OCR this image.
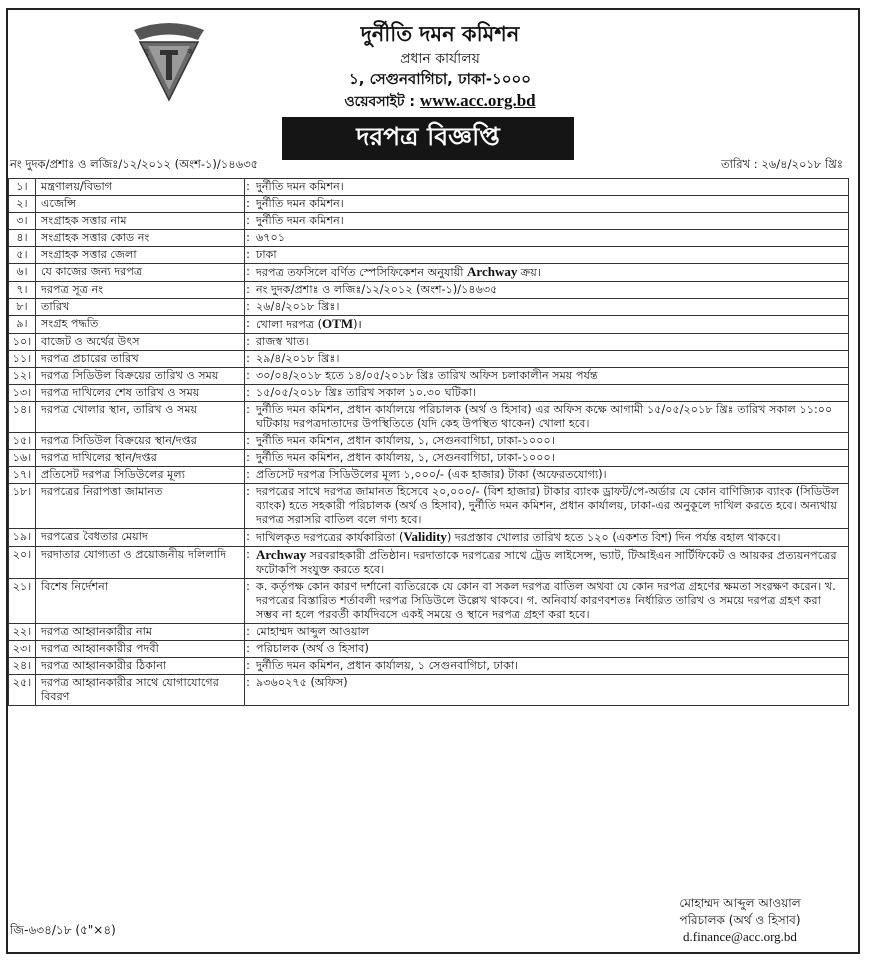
দু	ক
দুর্নীতি দমন কমিশন
প্রধান কার্যালয়
১, সেগুনবাগিচা, ঢাকা-১০০০
ওয়েবসাইট : www.acc.org.bd
দরপত্র বিজ্ঞপ্তি
নং দুদক/প্রশাঃ ও লজিঃ/১২/২০১২ (অংশ-১)/১৪৬৩৫	তারিখ : ২৬/৪/২০১৮ খ্রিঃ
১।	মন্ত্রণালয়/বিভাগ	:	দুর্নীতি দমন কমিশন।
২।	এজেন্সি	:	দুর্নীতি দমন কমিশন।
৩।	সংগ্রাহক সত্তার নাম	:	দুর্নীতি দমন কমিশন।
৪।	সংগ্রাহক সত্তার কোড নং	:	৬৭০১
৫।	সংগ্রাহক সত্তার জেলা	:	ঢাকা
৬।	যে কাজের জন্য দরপত্র	:	দরপত্র তফসিলে বর্ণিত স্পেসিফিকেশন অনুযায়ী Archway ক্রয়।
৭।	দরপত্র সূত্র নং	:	নং দুদক/প্রশাঃ ও লজিঃ/১২/২০১২ (অংশ-১)/১৪৬৩৫
৮।	তারিখ	:	২৬/৪/২০১৮ খ্রিঃ।
৯।	সংগ্রহ পদ্ধতি	:	খোলা দরপত্র (OTM)।
১০।	বাজেট ও অর্থের উৎস	:	রাজস্ব খাত।
১১।	দরপত্র প্রচারের তারিখ	:	২৯/৪/২০১৮ খ্রিঃ।
১২।	দরপত্র সিডিউল বিক্রয়ের তারিখ ও সময়	:	৩০/০৪/২০১৮ হতে ১৪/০৫/২০১৮ খ্রিঃ তারিখ অফিস চলাকালীন সময় পর্যন্ত
১৩।	দরপত্র দাখিলের শেষ তারিখ ও সময়	:	১৫/০৫/২০১৮ খ্রিঃ তারিখ সকাল ১০.৩০ ঘটিকা।
১৪।	দরপত্র খোলার স্থান, তারিখ ও সময়	:	দুর্নীতি দমন কমিশন, প্রধান কার্যালয়ে পরিচালক (অর্থ ও হিসাব) এর অফিস কক্ষে আগামী ১৫/০৫/২০১৮ খ্রিঃ তারিখ সকাল ১১:০০ ঘটিকায় দরপত্রদাতাদের উপস্থিতিতে (যদি কেহ উপস্থিত থাকেন) খোলা হবে।
১৫।	দরপত্র সিডিউল বিক্রয়ের স্থান/দপ্তর	:	দুর্নীতি দমন কমিশন, প্রধান কার্যালয়, ১, সেগুনবাগিচা, ঢাকা-১০০০।
১৬।	দরপত্র দাখিলের স্থান/দপ্তর	:	দুর্নীতি দমন কমিশন, প্রধান কার্যালয়, ১, সেগুনবাগিচা, ঢাকা-১০০০।
১৭।	প্রতিসেট দরপত্র সিডিউলের মূল্য	:	প্রতিসেট দরপত্র সিডিউলের মূল্য ১,০০০/- (এক হাজার) টাকা (অফেরতযোগ্য)।
১৮।	দরপত্রের নিরাপত্তা জামানত	:	দরপত্রের সাথে দরপত্র জামানত হিসেবে ২০,০০০/- (বিশ হাজার) টাকার ব্যাংক ড্রাফট/পে-অর্ডার যে কোন বাণিজ্যিক ব্যাংক (সিডিউল ব্যাংক) হতে সহকারী পরিচালক (অর্থ ও হিসাব), দুর্নীতি দমন কমিশন, প্রধান কার্যালয়, ঢাকা-এর অনুকূলে দাখিল করতে হবে। অন্যথায় দরপত্র সরাসরি বাতিল বলে গণ্য হবে।
১৯।	দরপত্রের বৈধতার মেয়াদ	:	দাখিলকৃত দরপত্রের কার্যকারিতা (Validity) দরপ্রস্তাব খোলার তারিখ হতে ১২০ (একশত বিশ) দিন পর্যন্ত বহাল থাকবে।
২০।	দরদাতার যোগ্যতা ও প্রয়োজনীয় দলিলাদি	:	Archway সরবরাহকারী প্রতিষ্ঠান। দরদাতাকে দরপত্রের সাথে ট্রেড লাইসেন্স, ভ্যাট, টিআইএন সার্টিফিকেট ও আয়কর প্রত্যয়নপত্রের ফটোকপি সংযুক্ত করতে হবে।
২১।	বিশেষ নির্দেশনা	:	ক. কর্তৃপক্ষ কোন কারণ দর্শানো ব্যতিরেকে যে কোন বা সকল দরপত্র বাতিল অথবা যে কোন দরপত্র গ্রহণের ক্ষমতা সংরক্ষণ করেন। খ. দরপত্রের বিস্তারিত শর্তাবলী দরপত্র সিডিউলে উল্লেখ থাকবে। গ. অনিবার্য কারণবশতঃ নির্ধারিত তারিখ ও সময়ে দরপত্র গ্রহণ করা সম্ভব না হলে পরবর্তী কার্যদিবসে একই সময়ে ও স্থানে দরপত্র গ্রহণ করা হবে।
২২।	দরপত্র আহ্বানকারীর নাম	:	মোহাম্মদ আব্দুল আওয়াল
২৩।	দরপত্র আহ্বানকারীর পদবী	:	পরিচালক (অর্থ ও হিসাব)
২৪।	দরপত্র আহ্বানকারীর ঠিকানা	:	দুর্নীতি দমন কমিশন, প্রধান কার্যালয়, ১ সেগুনবাগিচা, ঢাকা।
২৫।	দরপত্র আহ্বানকারীর সাথে যোগাযোগের বিবরণ	:	৯৩৬০২৭৫ (অফিস)
মোহাম্মদ আব্দুল আওয়াল
পরিচালক (অর্থ ও হিসাব)
d.finance@acc.org.bd
জি-৬৩৪/১৮ (৫"×৪)
